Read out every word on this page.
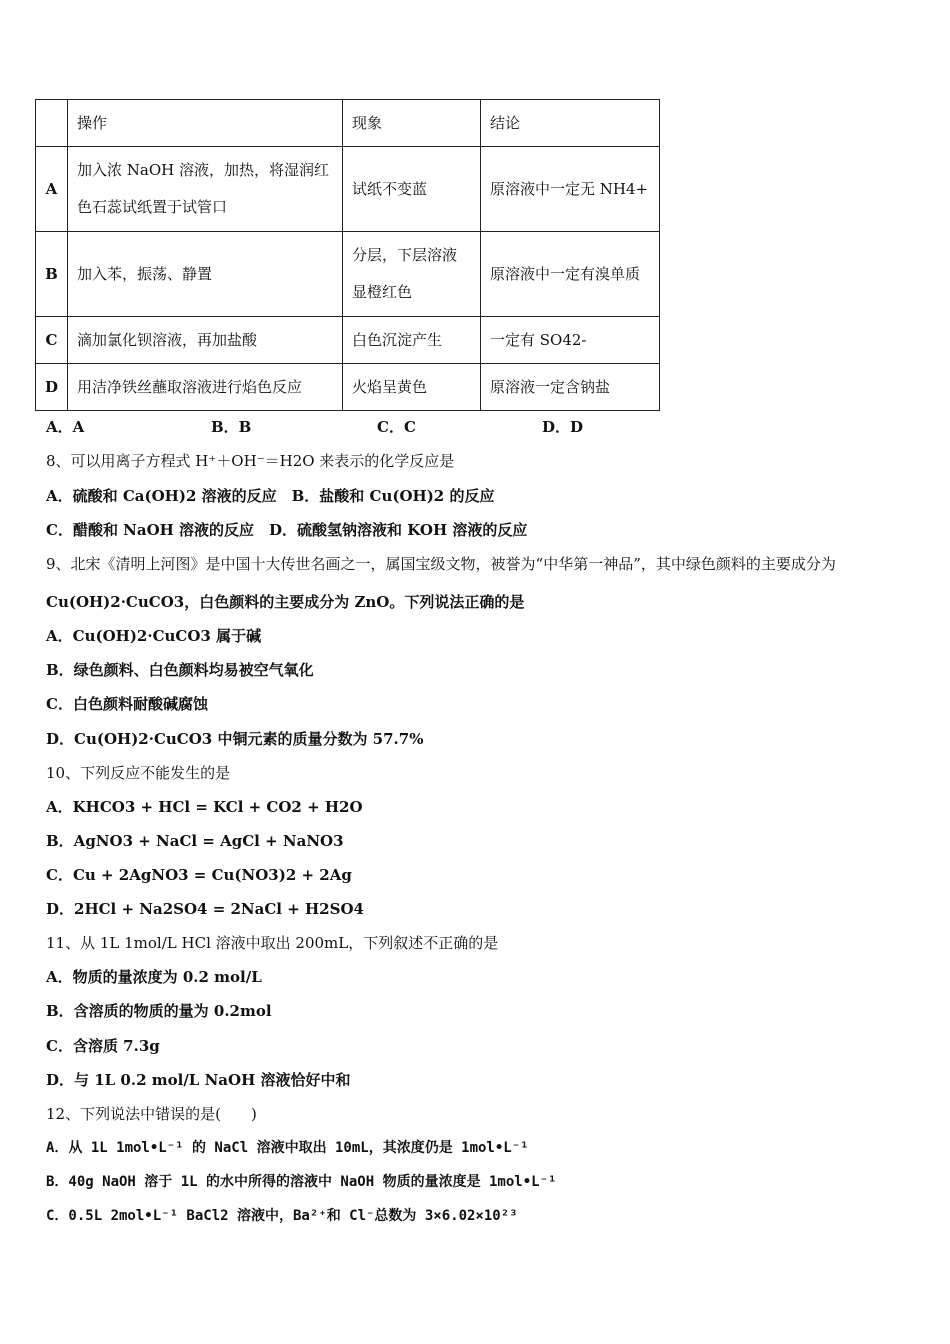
	操作	现象	结论
A	加入浓 NaOH 溶液，加热，将湿润红色石蕊试纸置于试管口	试纸不变蓝	原溶液中一定无 NH4+
B	加入苯，振荡、静置	分层，下层溶液显橙红色	原溶液中一定有溴单质
C	滴加氯化钡溶液，再加盐酸	白色沉淀产生	一定有 SO42-
D	用洁净铁丝蘸取溶液进行焰色反应	火焰呈黄色	原溶液一定含钠盐
A．A	B．B	C．C	D．D
8、可以用离子方程式 H⁺＋OH⁻＝H2O 来表示的化学反应是
A．硫酸和 Ca(OH)2 溶液的反应　B．盐酸和 Cu(OH)2 的反应
C．醋酸和 NaOH 溶液的反应　D．硫酸氢钠溶液和 KOH 溶液的反应
9、北宋《清明上河图》是中国十大传世名画之一，属国宝级文物，被誉为“中华第一神品”，其中绿色颜料的主要成分为
Cu(OH)2·CuCO3，白色颜料的主要成分为 ZnO。下列说法正确的是
A．Cu(OH)2·CuCO3 属于碱
B．绿色颜料、白色颜料均易被空气氧化
C．白色颜料耐酸碱腐蚀
D．Cu(OH)2·CuCO3 中铜元素的质量分数为 57.7%
10、下列反应不能发生的是
A．KHCO3 + HCl = KCl + CO2 + H2O
B．AgNO3 + NaCl = AgCl + NaNO3
C．Cu + 2AgNO3 = Cu(NO3)2 + 2Ag
D．2HCl + Na2SO4 = 2NaCl + H2SO4
11、从 1L 1mol/L HCl 溶液中取出 200mL，下列叙述不正确的是
A．物质的量浓度为 0.2 mol/L
B．含溶质的物质的量为 0.2mol
C．含溶质 7.3g
D．与 1L 0.2 mol/L NaOH 溶液恰好中和
12、下列说法中错误的是(　　)
A．从 1L 1mol•L⁻¹ 的 NaCl 溶液中取出 10mL，其浓度仍是 1mol•L⁻¹
B．40g NaOH 溶于 1L 的水中所得的溶液中 NaOH 物质的量浓度是 1mol•L⁻¹
C．0.5L 2mol•L⁻¹ BaCl2 溶液中，Ba²⁺和 Cl⁻总数为 3×6.02×10²³
